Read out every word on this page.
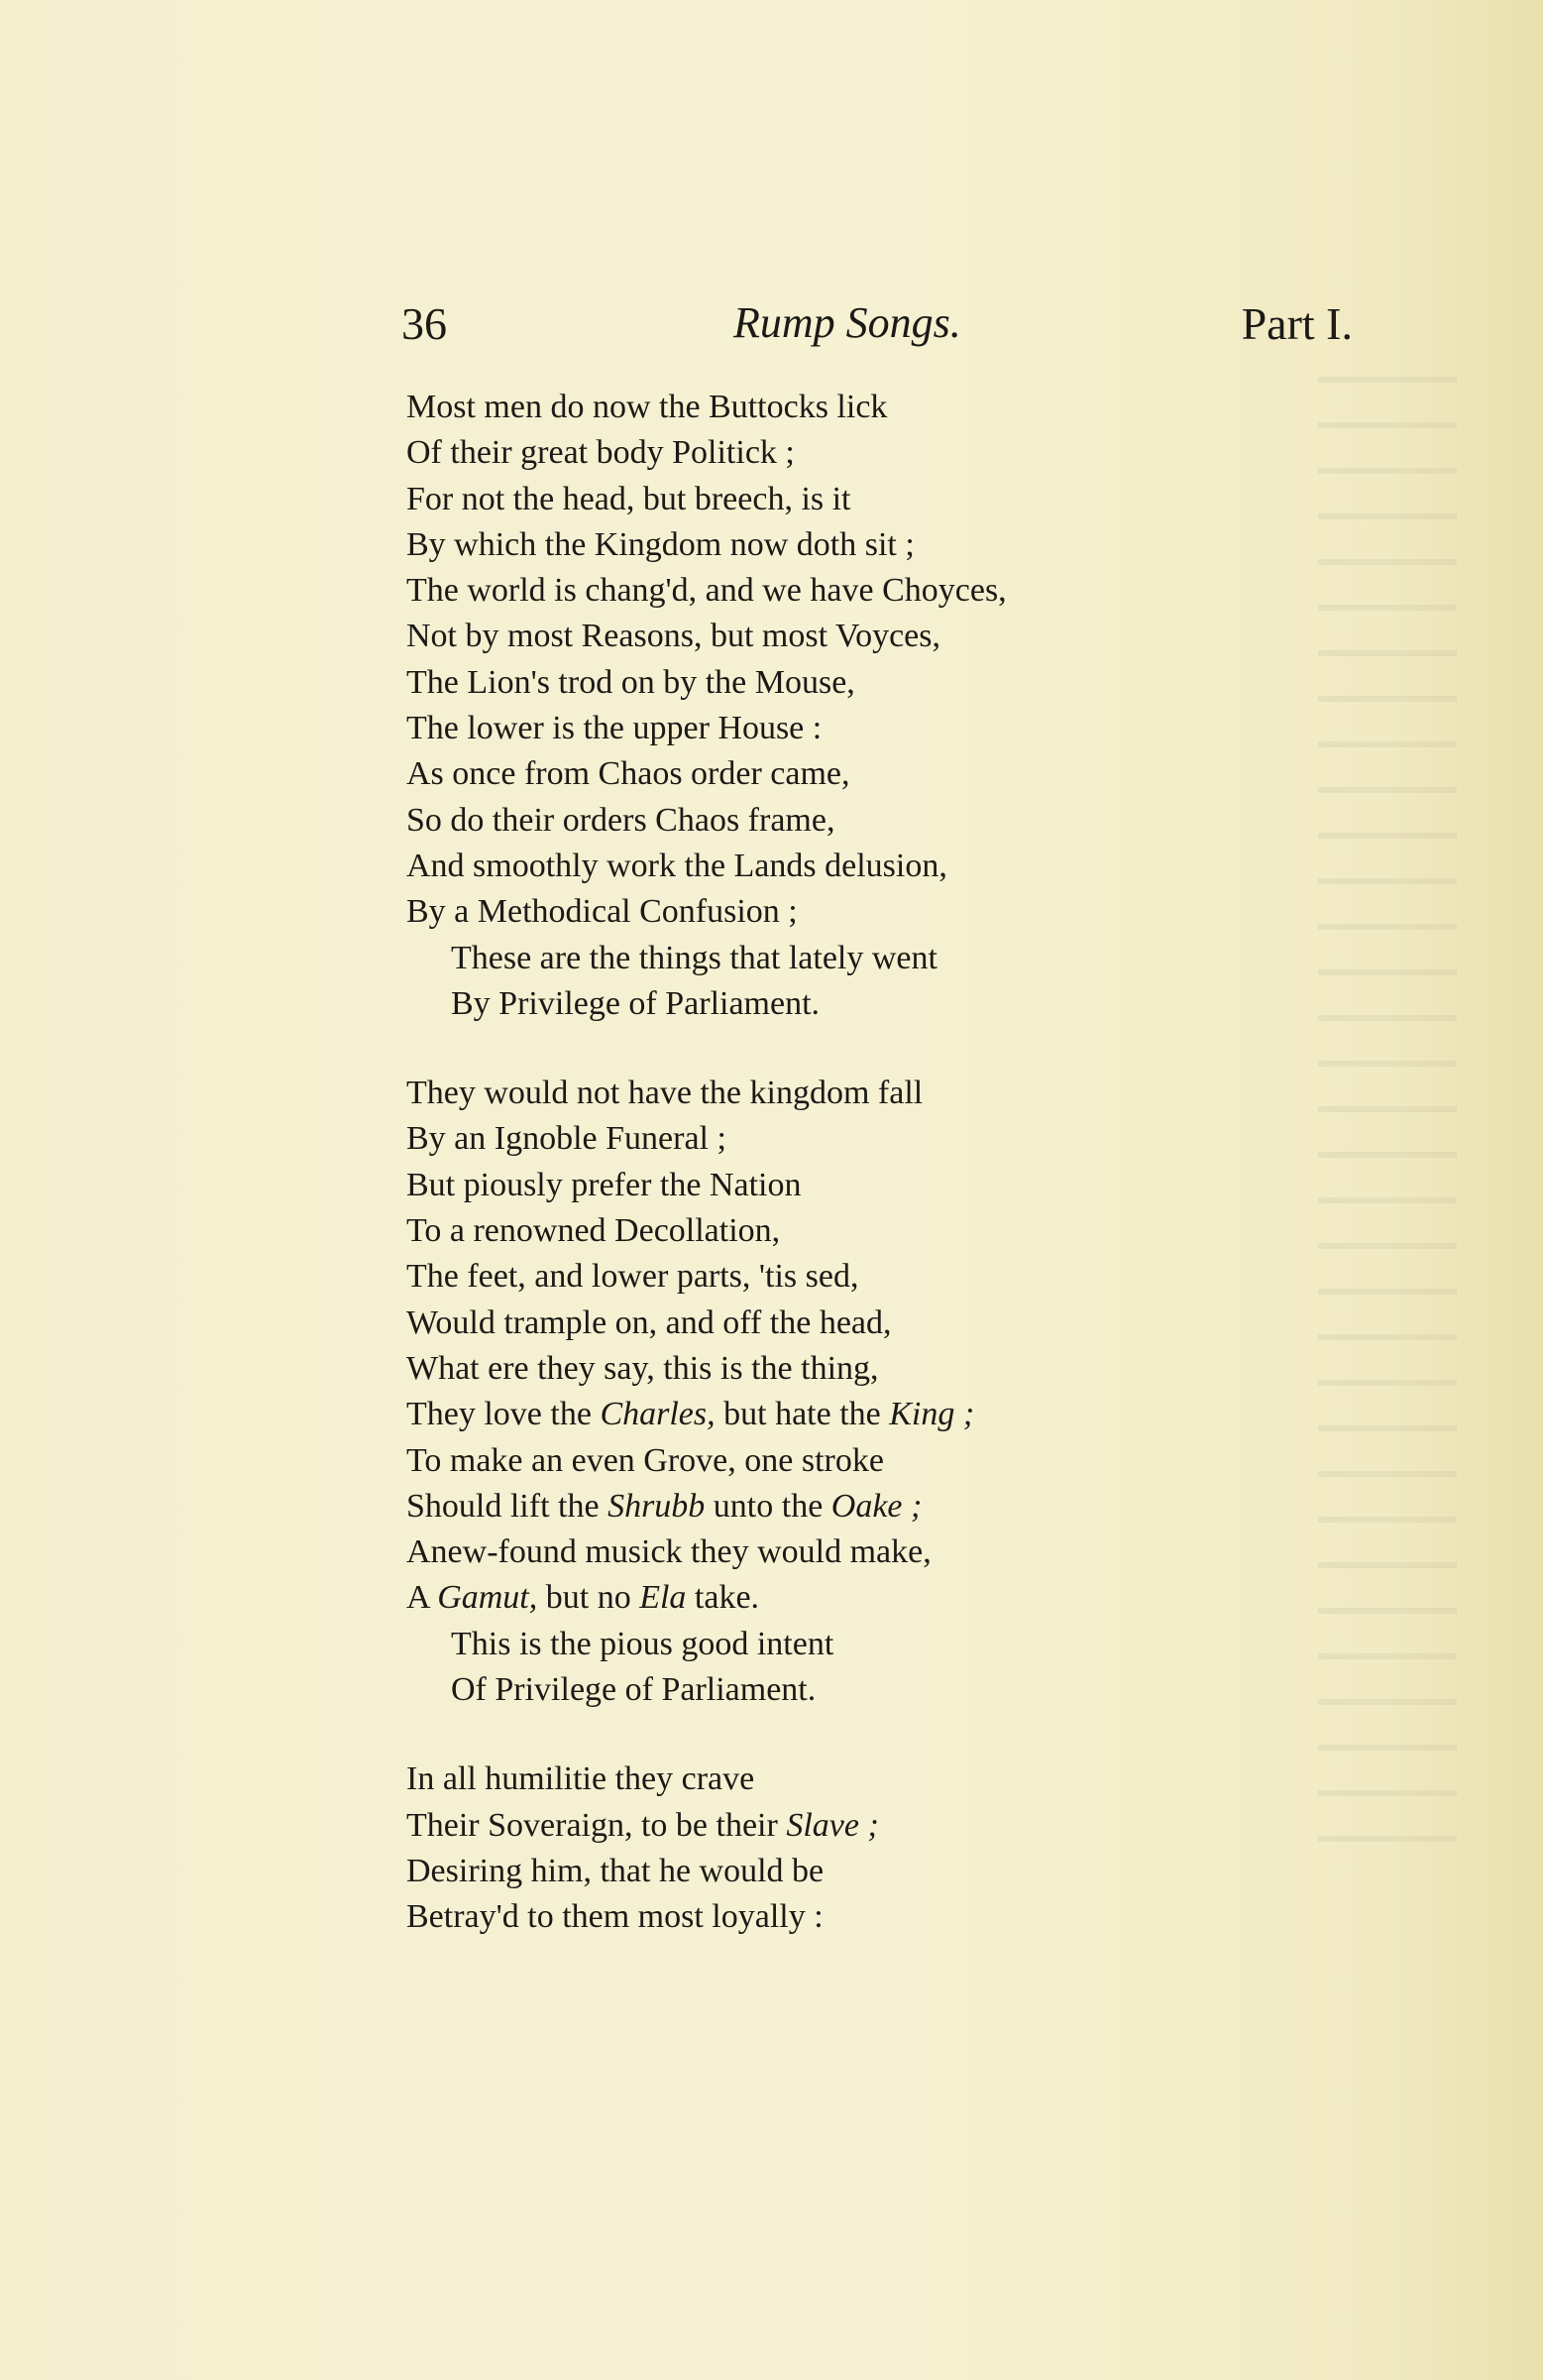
36	Rump Songs.	Part I.
Most men do now the Buttocks lick
Of their great body Politick ;
For not the head, but breech, is it
By which the Kingdom now doth sit ;
The world is chang'd, and we have Choyces,
Not by most Reasons, but most Voyces,
The Lion's trod on by the Mouse,
The lower is the upper House :
As once from Chaos order came,
So do their orders Chaos frame,
And smoothly work the Lands delusion,
By a Methodical Confusion ;
These are the things that lately went
By Privilege of Parliament.
They would not have the kingdom fall
By an Ignoble Funeral ;
But piously prefer the Nation
To a renowned Decollation,
The feet, and lower parts, 'tis sed,
Would trample on, and off the head,
What ere they say, this is the thing,
They love the Charles, but hate the King ;
To make an even Grove, one stroke
Should lift the Shrubb unto the Oake ;
Anew-found musick they would make,
A Gamut, but no Ela take.
This is the pious good intent
Of Privilege of Parliament.
In all humilitie they crave
Their Soveraign, to be their Slave ;
Desiring him, that he would be
Betray'd to them most loyally :
